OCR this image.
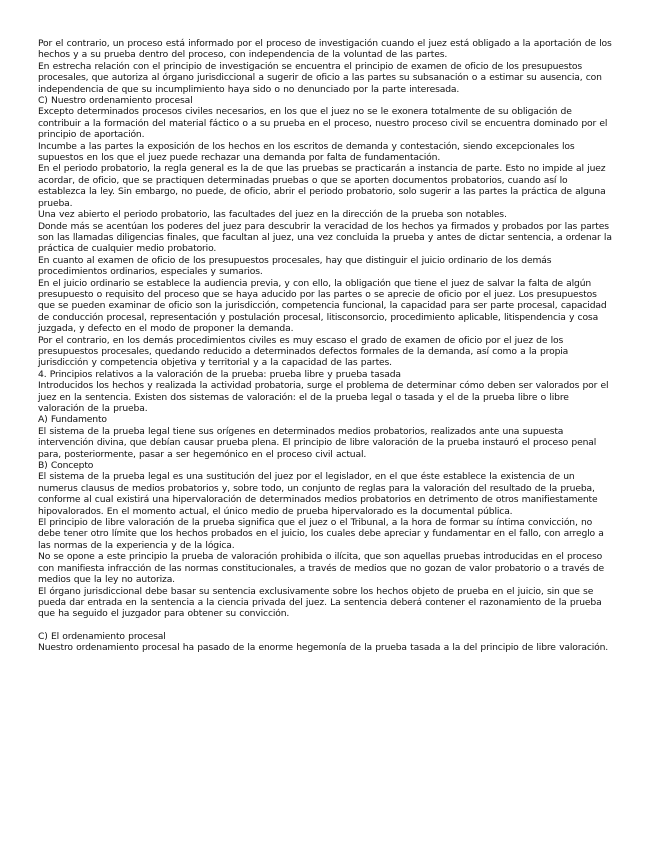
Por el contrario, un proceso está informado por el proceso de investigación cuando el juez está obligado a la aportación de los hechos y a su prueba dentro del proceso, con independencia de la voluntad de las partes.

En estrecha relación con el principio de investigación se encuentra el principio de examen de oficio de los presupuestos procesales, que autoriza al órgano jurisdiccional a sugerir de oficio a las partes su subsanación o a estimar su ausencia, con independencia de que su incumplimiento haya sido o no denunciado por la parte interesada.

C) Nuestro ordenamiento procesal

Excepto determinados procesos civiles necesarios, en los que el juez no se le exonera totalmente de su obligación de contribuir a la formación del material fáctico o a su prueba en el proceso, nuestro proceso civil se encuentra dominado por el principio de aportación.

Incumbe a las partes la exposición de los hechos en los escritos de demanda y contestación, siendo excepcionales los supuestos en los que el juez puede rechazar una demanda por falta de fundamentación.

En el periodo probatorio, la regla general es la de que las pruebas se practicarán a instancia de parte. Esto no impide al juez acordar, de oficio, que se practiquen determinadas pruebas o que se aporten documentos probatorios, cuando así lo establezca la ley. Sin embargo, no puede, de oficio, abrir el periodo probatorio, solo sugerir a las partes la práctica de alguna prueba.

Una vez abierto el periodo probatorio, las facultades del juez en la dirección de la prueba son notables.

Donde más se acentúan los poderes del juez para descubrir la veracidad de los hechos ya firmados y probados por las partes son las llamadas diligencias finales, que facultan al juez, una vez concluida la prueba y antes de dictar sentencia, a ordenar la práctica de cualquier medio probatorio.

En cuanto al examen de oficio de los presupuestos procesales, hay que distinguir el juicio ordinario de los demás procedimientos ordinarios, especiales y sumarios.

En el juicio ordinario se establece la audiencia previa, y con ello, la obligación que tiene el juez de salvar la falta de algún presupuesto o requisito del proceso que se haya aducido por las partes o se aprecie de oficio por el juez. Los presupuestos que se pueden examinar de oficio son la jurisdicción, competencia funcional, la capacidad para ser parte procesal, capacidad de conducción procesal, representación y postulación procesal, litisconsorcio, procedimiento aplicable, litispendencia y cosa juzgada, y defecto en el modo de proponer la demanda.

Por el contrario, en los demás procedimientos civiles es muy escaso el grado de examen de oficio por el juez de los presupuestos procesales, quedando reducido a determinados defectos formales de la demanda, así como a la propia jurisdicción y competencia objetiva y territorial y a la capacidad de las partes.

4. Principios relativos a la valoración de la prueba: prueba libre y prueba tasada

Introducidos los hechos y realizada la actividad probatoria, surge el problema de determinar cómo deben ser valorados por el juez en la sentencia. Existen dos sistemas de valoración: el de la prueba legal o tasada y el de la prueba libre o libre valoración de la prueba.

A) Fundamento

El sistema de la prueba legal tiene sus orígenes en determinados medios probatorios, realizados ante una supuesta intervención divina, que debían causar prueba plena. El principio de libre valoración de la prueba instauró el proceso penal para, posteriormente, pasar a ser hegemónico en el proceso civil actual.

B) Concepto

El sistema de la prueba legal es una sustitución del juez por el legislador, en el que éste establece la existencia de un numerus clausus de medios probatorios y, sobre todo, un conjunto de reglas para la valoración del resultado de la prueba, conforme al cual existirá una hipervaloración de determinados medios probatorios en detrimento de otros manifiestamente hipovalorados. En el momento actual, el único medio de prueba hipervalorado es la documental pública.

El principio de libre valoración de la prueba significa que el juez o el Tribunal, a la hora de formar su íntima convicción, no debe tener otro límite que los hechos probados en el juicio, los cuales debe apreciar y fundamentar en el fallo, con arreglo a las normas de la experiencia y de la lógica.

No se opone a este principio la prueba de valoración prohibida o ilícita, que son aquellas pruebas introducidas en el proceso con manifiesta infracción de las normas constitucionales, a través de medios que no gozan de valor probatorio o a través de medios que la ley no autoriza.

El órgano jurisdiccional debe basar su sentencia exclusivamente sobre los hechos objeto de prueba en el juicio, sin que se pueda dar entrada en la sentencia a la ciencia privada del juez. La sentencia deberá contener el razonamiento de la prueba que ha seguido el juzgador para obtener su convicción.

C) El ordenamiento procesal

Nuestro ordenamiento procesal ha pasado de la enorme hegemonía de la prueba tasada a la del principio de libre valoración.
